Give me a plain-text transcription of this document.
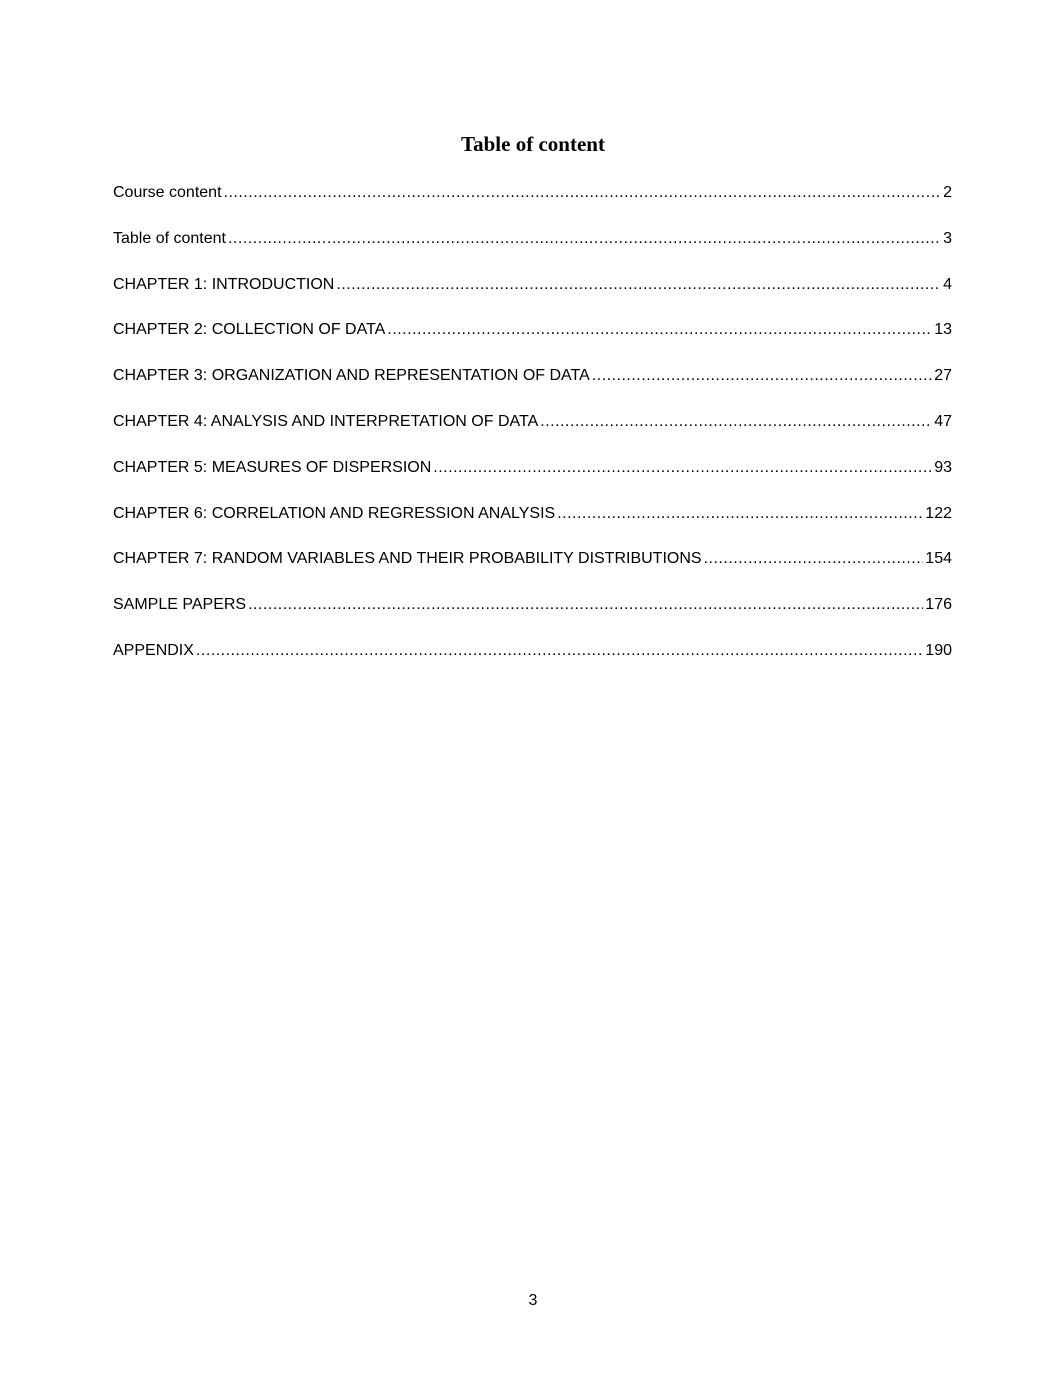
Table of content
Course content .....	2
Table of content .....	3
CHAPTER 1: INTRODUCTION .....	4
CHAPTER 2: COLLECTION OF DATA .....	13
CHAPTER 3: ORGANIZATION AND REPRESENTATION OF DATA .....	27
CHAPTER 4: ANALYSIS AND INTERPRETATION OF DATA .....	47
CHAPTER 5: MEASURES OF DISPERSION .....	93
CHAPTER 6: CORRELATION AND REGRESSION ANALYSIS .....	122
CHAPTER 7: RANDOM VARIABLES AND THEIR PROBABILITY DISTRIBUTIONS .....	154
SAMPLE PAPERS .....	176
APPENDIX .....	190
3
